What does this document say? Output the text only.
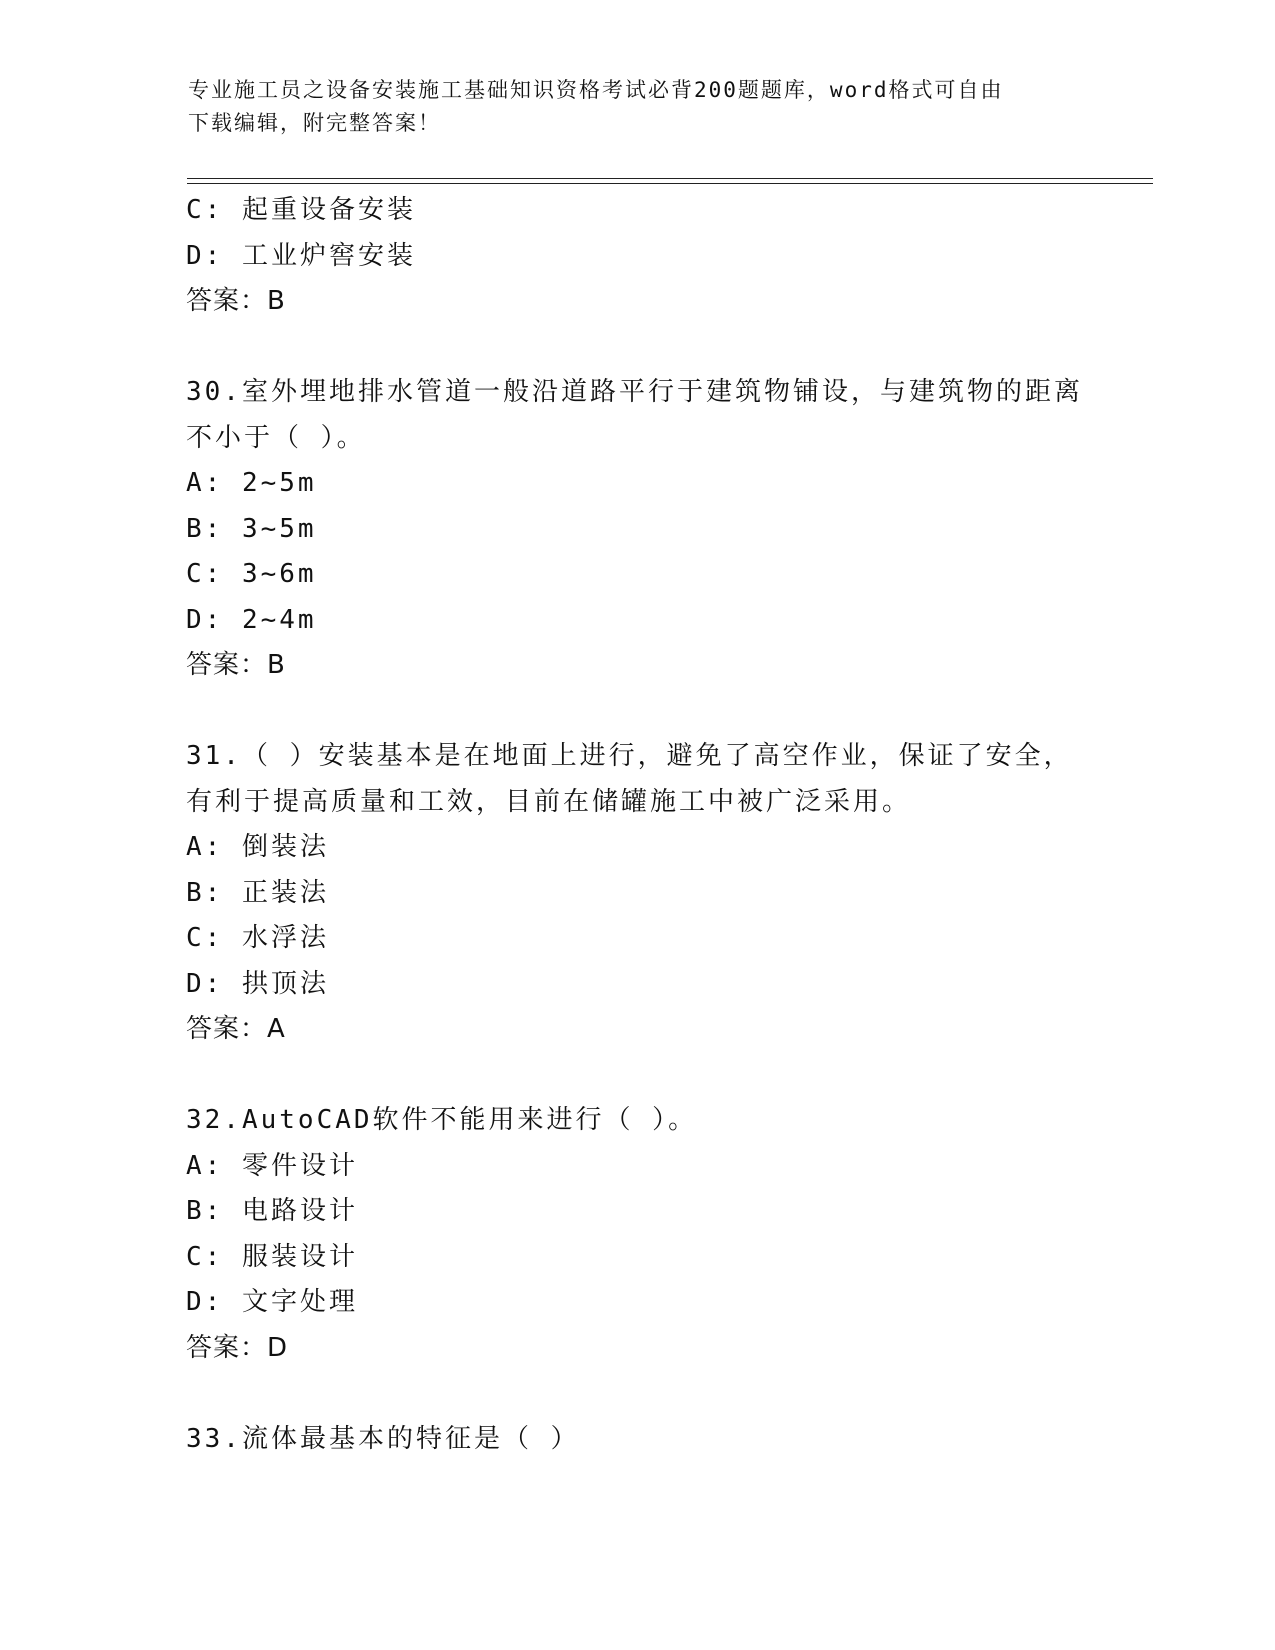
专业施工员之设备安装施工基础知识资格考试必背200题题库，word格式可自由
下载编辑，附完整答案！
C: 起重设备安装
D: 工业炉窖安装
答案：B
30.室外埋地排水管道一般沿道路平行于建筑物铺设，与建筑物的距离
不小于（ ）。
A: 2~5m
B: 3~5m
C: 3~6m
D: 2~4m
答案：B
31.（ ）安装基本是在地面上进行，避免了高空作业，保证了安全，
有利于提高质量和工效，目前在储罐施工中被广泛采用。
A: 倒装法
B: 正装法
C: 水浮法
D: 拱顶法
答案：A
32.AutoCAD软件不能用来进行（ ）。
A: 零件设计
B: 电路设计
C: 服装设计
D: 文字处理
答案：D
33.流体最基本的特征是（ ）
